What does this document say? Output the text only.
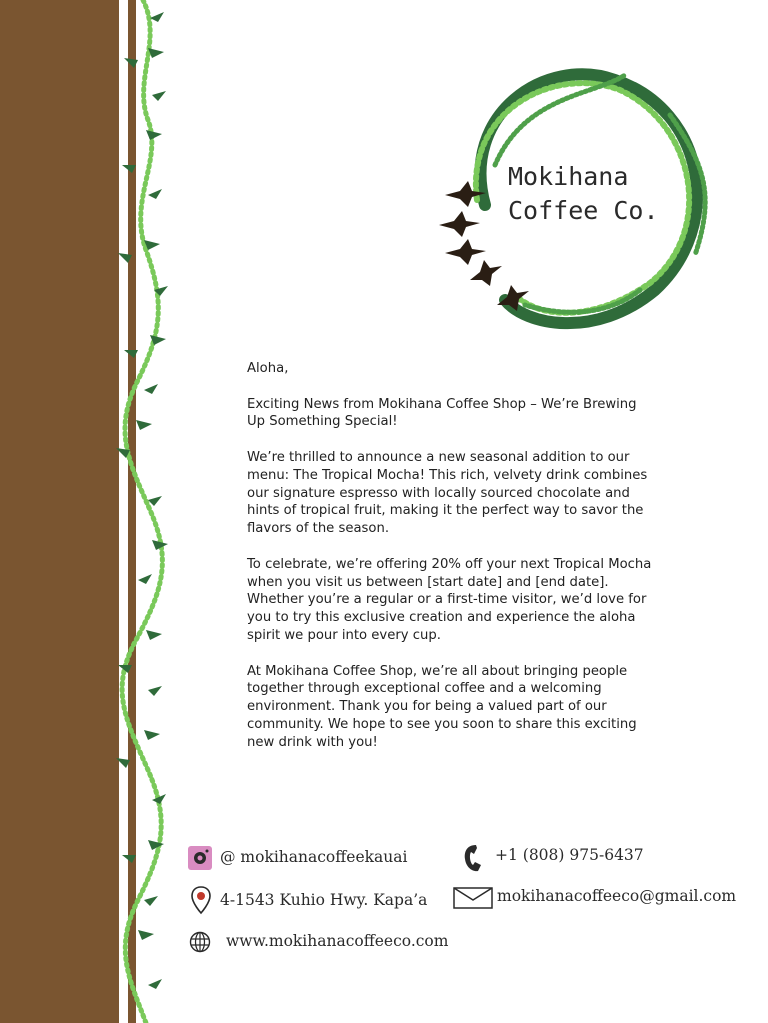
Mokihana
Coffee Co.

Aloha,

Exciting News from Mokihana Coffee Shop – We’re Brewing Up Something Special!

We’re thrilled to announce a new seasonal addition to our menu: The Tropical Mocha! This rich, velvety drink combines our signature espresso with locally sourced chocolate and hints of tropical fruit, making it the perfect way to savor the flavors of the season.

To celebrate, we’re offering 20% off your next Tropical Mocha when you visit us between [start date] and [end date]. Whether you’re a regular or a first-time visitor, we’d love for you to try this exclusive creation and experience the aloha spirit we pour into every cup.

At Mokihana Coffee Shop, we’re all about bringing people together through exceptional coffee and a welcoming environment. Thank you for being a valued part of our community. We hope to see you soon to share this exciting new drink with you!

@ mokihanacoffeekauai	+1 (808) 975-6437
4-1543 Kuhio Hwy. Kapa’a	mokihanacoffeeco@gmail.com
www.mokihanacoffeeco.com
